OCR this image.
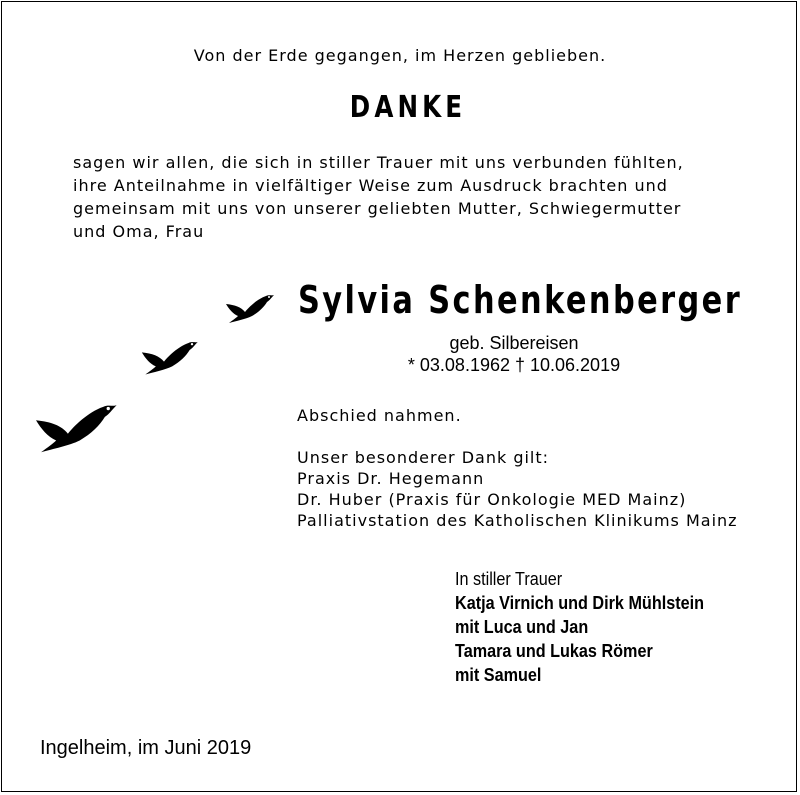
Von der Erde gegangen, im Herzen geblieben.
DANKE
sagen wir allen, die sich in stiller Trauer mit uns verbunden fühlten,
ihre Anteilnahme in vielfältiger Weise zum Ausdruck brachten und
gemeinsam mit uns von unserer geliebten Mutter, Schwiegermutter
und Oma, Frau
Sylvia Schenkenberger
geb. Silbereisen
* 03.08.1962 † 10.06.2019
Abschied nahmen.
Unser besonderer Dank gilt:
Praxis Dr. Hegemann
Dr. Huber (Praxis für Onkologie MED Mainz)
Palliativstation des Katholischen Klinikums Mainz
In stiller Trauer
Katja Virnich und Dirk Mühlstein
mit Luca und Jan
Tamara und Lukas Römer
mit Samuel
Ingelheim, im Juni 2019
